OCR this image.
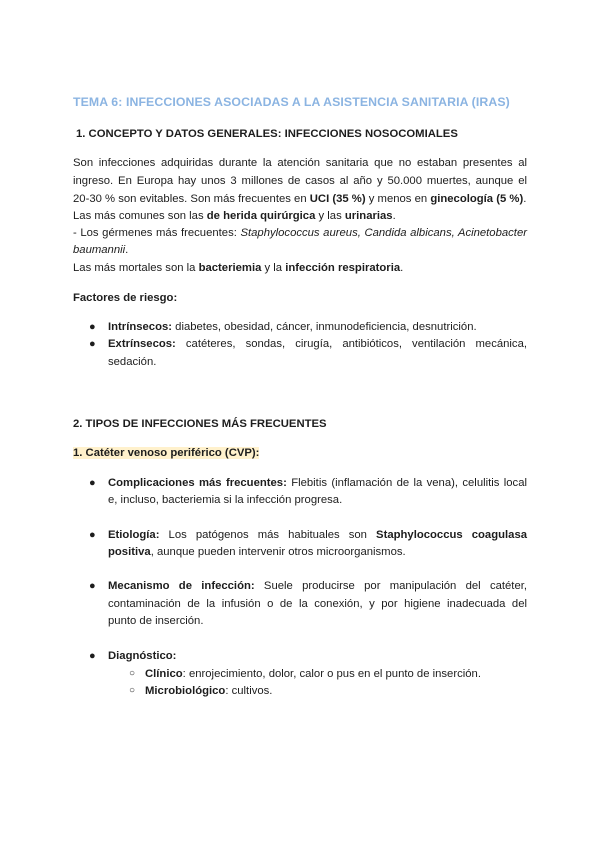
TEMA 6: INFECCIONES ASOCIADAS A LA ASISTENCIA SANITARIA (IRAS)
1. CONCEPTO Y DATOS GENERALES: INFECCIONES NOSOCOMIALES
Son infecciones adquiridas durante la atención sanitaria que no estaban presentes al
ingreso. En Europa hay unos 3 millones de casos al año y 50.000 muertes, aunque el
20-30 % son evitables. Son más frecuentes en UCI (35 %) y menos en ginecología (5 %).
Las más comunes son las de herida quirúrgica y las urinarias.
- Los gérmenes más frecuentes: Staphylococcus aureus, Candida albicans, Acinetobacter
baumannii.
Las más mortales son la bacteriemia y la infección respiratoria.
Factores de riesgo:
● Intrínsecos: diabetes, obesidad, cáncer, inmunodeficiencia, desnutrición.
● Extrínsecos: catéteres, sondas, cirugía, antibióticos, ventilación mecánica,
sedación.
2. TIPOS DE INFECCIONES MÁS FRECUENTES
1. Catéter venoso periférico (CVP):
● Complicaciones más frecuentes: Flebitis (inflamación de la vena), celulitis local
e, incluso, bacteriemia si la infección progresa.
● Etiología: Los patógenos más habituales son Staphylococcus coagulasa
positiva, aunque pueden intervenir otros microorganismos.
● Mecanismo de infección: Suele producirse por manipulación del catéter,
contaminación de la infusión o de la conexión, y por higiene inadecuada del
punto de inserción.
● Diagnóstico:
○ Clínico: enrojecimiento, dolor, calor o pus en el punto de inserción.
○ Microbiológico: cultivos.
